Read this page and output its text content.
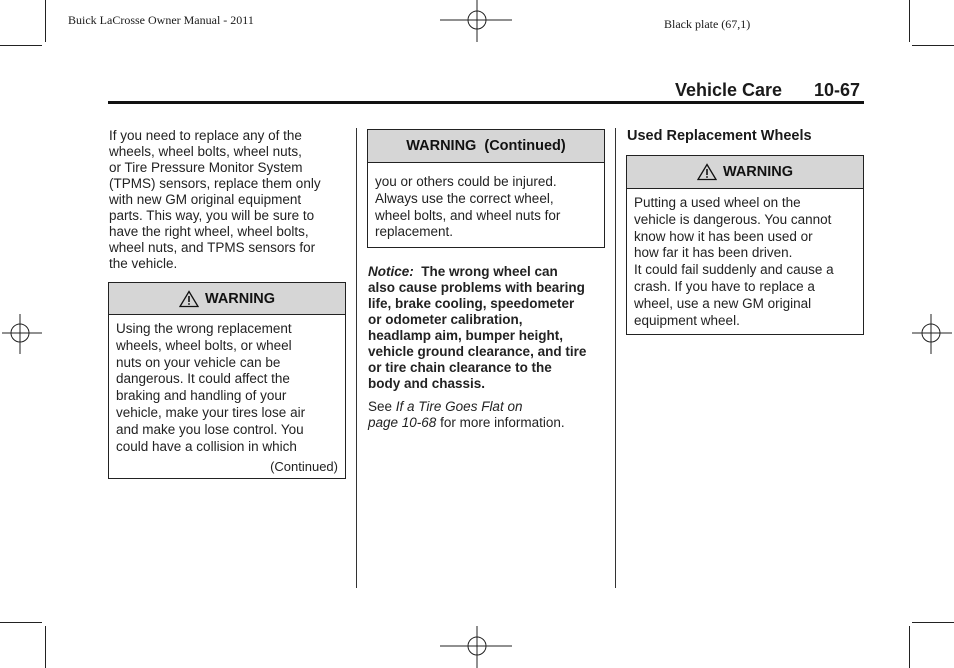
Buick LaCrosse Owner Manual - 2011	Black plate (67,1)
Vehicle Care 10-67
If you need to replace any of the
wheels, wheel bolts, wheel nuts,
or Tire Pressure Monitor System
(TPMS) sensors, replace them only
with new GM original equipment
parts. This way, you will be sure to
have the right wheel, wheel bolts,
wheel nuts, and TPMS sensors for
the vehicle.
WARNING
Using the wrong replacement
wheels, wheel bolts, or wheel
nuts on your vehicle can be
dangerous. It could affect the
braking and handling of your
vehicle, make your tires lose air
and make you lose control. You
could have a collision in which
(Continued)
WARNING  (Continued)
you or others could be injured.
Always use the correct wheel,
wheel bolts, and wheel nuts for
replacement.
Notice: The wrong wheel can
also cause problems with bearing
life, brake cooling, speedometer
or odometer calibration,
headlamp aim, bumper height,
vehicle ground clearance, and tire
or tire chain clearance to the
body and chassis.
See If a Tire Goes Flat on
page 10-68 for more information.
Used Replacement Wheels
WARNING
Putting a used wheel on the
vehicle is dangerous. You cannot
know how it has been used or
how far it has been driven.
It could fail suddenly and cause a
crash. If you have to replace a
wheel, use a new GM original
equipment wheel.
